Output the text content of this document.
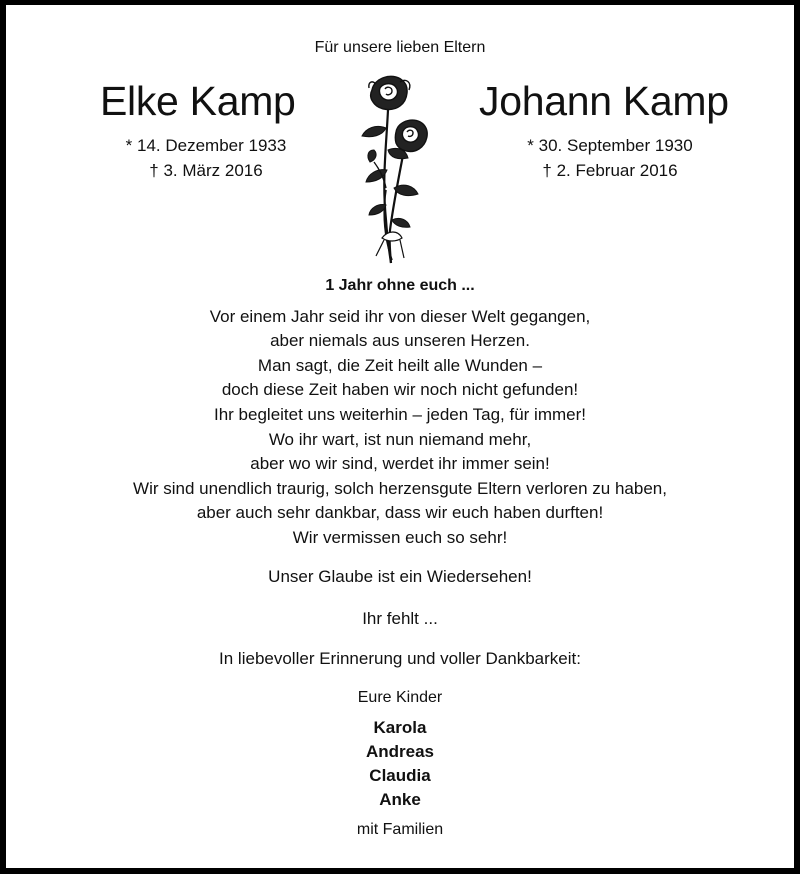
Für unsere lieben Eltern
Elke Kamp	Johann Kamp
* 14. Dezember 1933
† 3. März 2016
* 30. September 1930
† 2. Februar 2016
1 Jahr ohne euch ...
Vor einem Jahr seid ihr von dieser Welt gegangen,
aber niemals aus unseren Herzen.
Man sagt, die Zeit heilt alle Wunden –
doch diese Zeit haben wir noch nicht gefunden!
Ihr begleitet uns weiterhin – jeden Tag, für immer!
Wo ihr wart, ist nun niemand mehr,
aber wo wir sind, werdet ihr immer sein!
Wir sind unendlich traurig, solch herzensgute Eltern verloren zu haben,
aber auch sehr dankbar, dass wir euch haben durften!
Wir vermissen euch so sehr!
Unser Glaube ist ein Wiedersehen!
Ihr fehlt ...
In liebevoller Erinnerung und voller Dankbarkeit:
Eure Kinder
Karola
Andreas
Claudia
Anke
mit Familien
